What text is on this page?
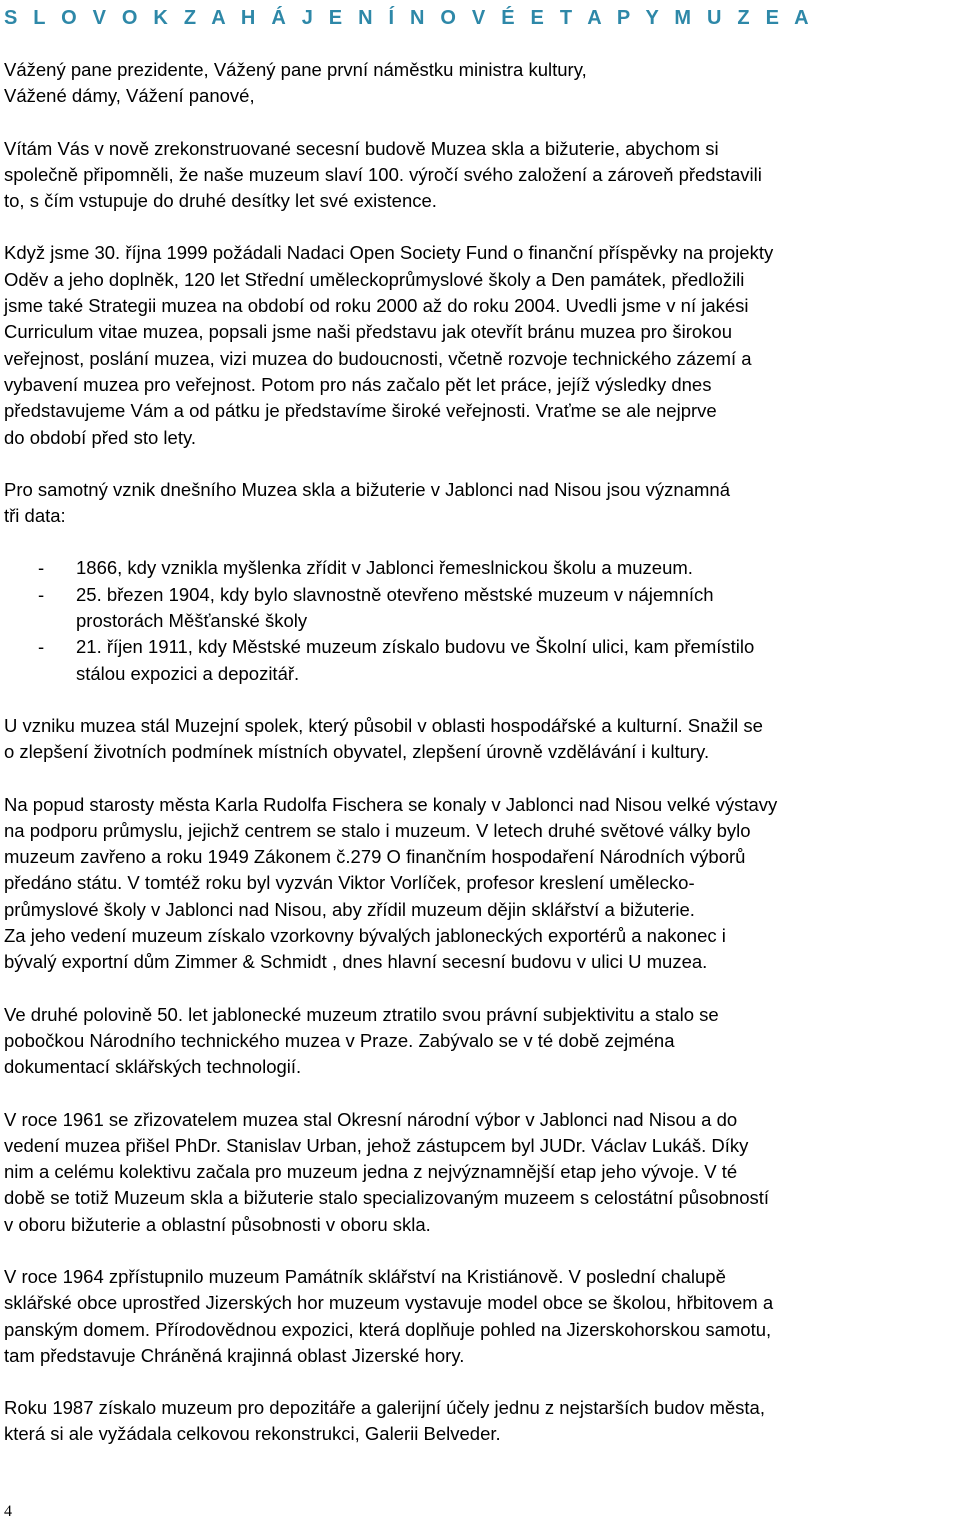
S L O V O K Z A H Á J E N Í N O V É E T A P Y M U Z E A

Vážený pane prezidente, Vážený pane první náměstku ministra kultury,
Vážené dámy, Vážení panové,

Vítám Vás v nově zrekonstruované secesní budově Muzea skla a bižuterie, abychom si
společně připomněli, že naše muzeum slaví 100. výročí svého založení a zároveň představili
to, s čím vstupuje do druhé desítky let své existence.

Když jsme 30. října 1999 požádali Nadaci Open Society Fund o finanční příspěvky na projekty
Oděv a jeho doplněk, 120 let Střední uměleckoprůmyslové školy a Den památek, předložili
jsme také Strategii muzea na období od roku 2000 až do roku 2004. Uvedli jsme v ní jakési
Curriculum vitae muzea, popsali jsme naši představu jak otevřít bránu muzea pro širokou
veřejnost, poslání muzea, vizi muzea do budoucnosti, včetně rozvoje technického zázemí a
vybavení muzea pro veřejnost. Potom pro nás začalo pět let práce, jejíž výsledky dnes
představujeme Vám a od pátku je představíme široké veřejnosti. Vraťme se ale nejprve
do období před sto lety.

Pro samotný vznik dnešního Muzea skla a bižuterie v Jablonci nad Nisou jsou významná
tři data:

- 1866, kdy vznikla myšlenka zřídit v Jablonci řemeslnickou školu a muzeum.
- 25. březen 1904, kdy bylo slavnostně otevřeno městské muzeum v nájemních
prostorách Měšťanské školy
- 21. říjen 1911, kdy Městské muzeum získalo budovu ve Školní ulici, kam přemístilo
stálou expozici a depozitář.

U vzniku muzea stál Muzejní spolek, který působil v oblasti hospodářské a kulturní. Snažil se
o zlepšení životních podmínek místních obyvatel, zlepšení úrovně vzdělávání i kultury.

Na popud starosty města Karla Rudolfa Fischera se konaly v Jablonci nad Nisou velké výstavy
na podporu průmyslu, jejichž centrem se stalo i muzeum. V letech druhé světové války bylo
muzeum zavřeno a roku 1949 Zákonem č.279 O finančním hospodaření Národních výborů
předáno státu. V tomtéž roku byl vyzván Viktor Vorlíček, profesor kreslení umělecko-
průmyslové školy v Jablonci nad Nisou, aby zřídil muzeum dějin sklářství a bižuterie.
Za jeho vedení muzeum získalo vzorkovny bývalých jabloneckých exportérů a nakonec i
bývalý exportní dům Zimmer & Schmidt , dnes hlavní secesní budovu v ulici U muzea.

Ve druhé polovině 50. let jablonecké muzeum ztratilo svou právní subjektivitu a stalo se
pobočkou Národního technického muzea v Praze. Zabývalo se v té době zejména
dokumentací sklářských technologií.

V roce 1961 se zřizovatelem muzea stal Okresní národní výbor v Jablonci nad Nisou a do
vedení muzea přišel PhDr. Stanislav Urban, jehož zástupcem byl JUDr. Václav Lukáš. Díky
nim a celému kolektivu začala pro muzeum jedna z nejvýznamnější etap jeho vývoje. V té
době se totiž Muzeum skla a bižuterie stalo specializovaným muzeem s celostátní působností
v oboru bižuterie a oblastní působnosti v oboru skla.

V roce 1964 zpřístupnilo muzeum Památník sklářství na Kristiánově. V poslední chalupě
sklářské obce uprostřed Jizerských hor muzeum vystavuje model obce se školou, hřbitovem a
panským domem. Přírodovědnou expozici, která doplňuje pohled na Jizerskohorskou samotu,
tam představuje Chráněná krajinná oblast Jizerské hory.

Roku 1987 získalo muzeum pro depozitáře a galerijní účely jednu z nejstarších budov města,
která si ale vyžádala celkovou rekonstrukci, Galerii Belveder.

4
